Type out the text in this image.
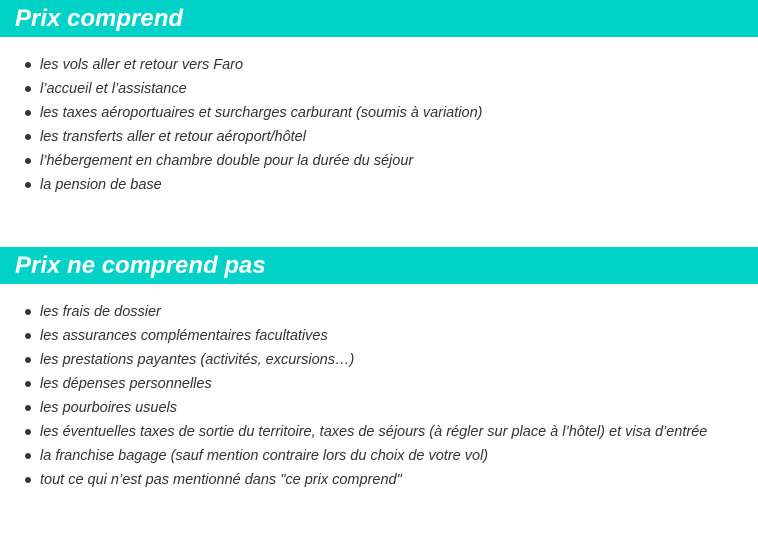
Prix comprend
les vols aller et retour vers Faro
l’accueil et l’assistance
les taxes aéroportuaires et surcharges carburant (soumis à variation)
les transferts aller et retour aéroport/hôtel
l’hébergement en chambre double pour la durée du séjour
la pension de base
Prix ne comprend pas
les frais de dossier
les assurances complémentaires facultatives
les prestations payantes (activités, excursions…)
les dépenses personnelles
les pourboires usuels
les éventuelles taxes de sortie du territoire, taxes de séjours (à régler sur place à l’hôtel) et visa d’entrée
la franchise bagage (sauf mention contraire lors du choix de votre vol)
tout ce qui n’est pas mentionné dans "ce prix comprend"
